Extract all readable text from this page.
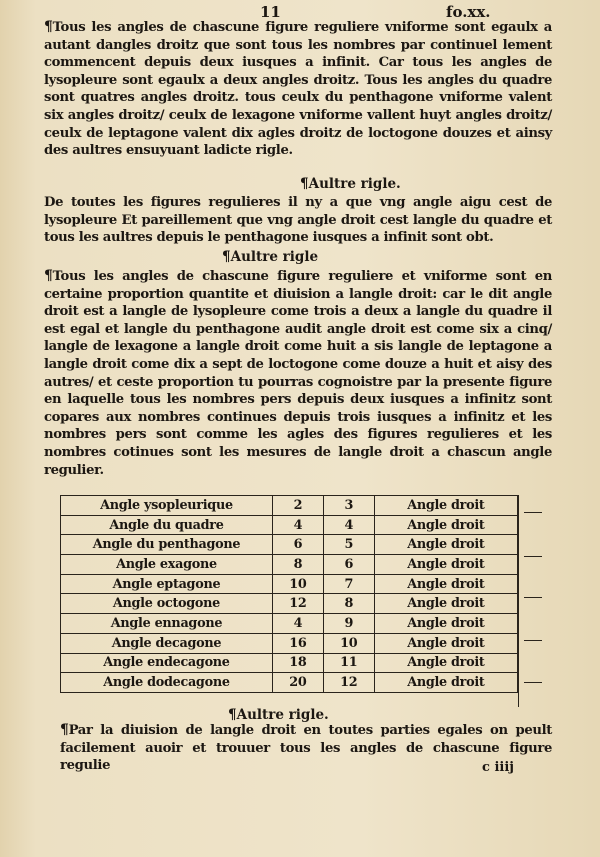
11	fo.xx.
¶Tous les angles de chascune figure reguliere vniforme sont egaulx a autant dangles droitz que sont tous les nombres par continuel lement commencent depuis deux iusques a infinit. Car tous les angles de lysopleure sont egaulx a deux angles droitz. Tous les angles du quadre sont quatres angles droitz. tous ceulx du penthagone vniforme valent six angles droitz/ ceulx de lexagone vniforme vallent huyt angles droitz/ ceulx de leptagone valent dix agles droitz de loctogone douzes et ainsy des aultres ensuyuant ladicte rigle.
¶Aultre rigle.
De toutes les figures regulieres il ny a que vng angle aigu cest de lysopleure Et pareillement que vng angle droit cest langle du quadre et tous les aultres depuis le penthagone iusques a infinit sont obt.
¶Aultre rigle
¶Tous les angles de chascune figure reguliere et vniforme sont en certaine proportion quantite et diuision a langle droit: car le dit angle droit est a langle de lysopleure come trois a deux a langle du quadre il est egal et langle du penthagone audit angle droit est come six a cinq/ langle de lexagone a langle droit come huit a sis langle de leptagone a langle droit come dix a sept de loctogone come douze a huit et aisy des autres/ et ceste proportion tu pourras cognoistre par la presente figure en laquelle tous les nombres pers depuis deux iusques a infinitz sont copares aux nombres continues depuis trois iusques a infinitz et les nombres pers sont comme les agles des figures regulieres et les nombres cotinues sont les mesures de langle droit a chascun angle regulier.
Angle ysopleurique	2	3	Angle droit
Angle du quadre	4	4	Angle droit
Angle du penthagone	6	5	Angle droit
Angle exagone	8	6	Angle droit
Angle eptagone	10	7	Angle droit
Angle octogone	12	8	Angle droit
Angle ennagone	4	9	Angle droit
Angle decagone	16	10	Angle droit
Angle endecagone	18	11	Angle droit
Angle dodecagone	20	12	Angle droit
¶Aultre rigle.
¶Par la diuision de langle droit en toutes parties egales on peult facilement auoir et trouuer tous les angles de chascune figure regulie	c iiij
